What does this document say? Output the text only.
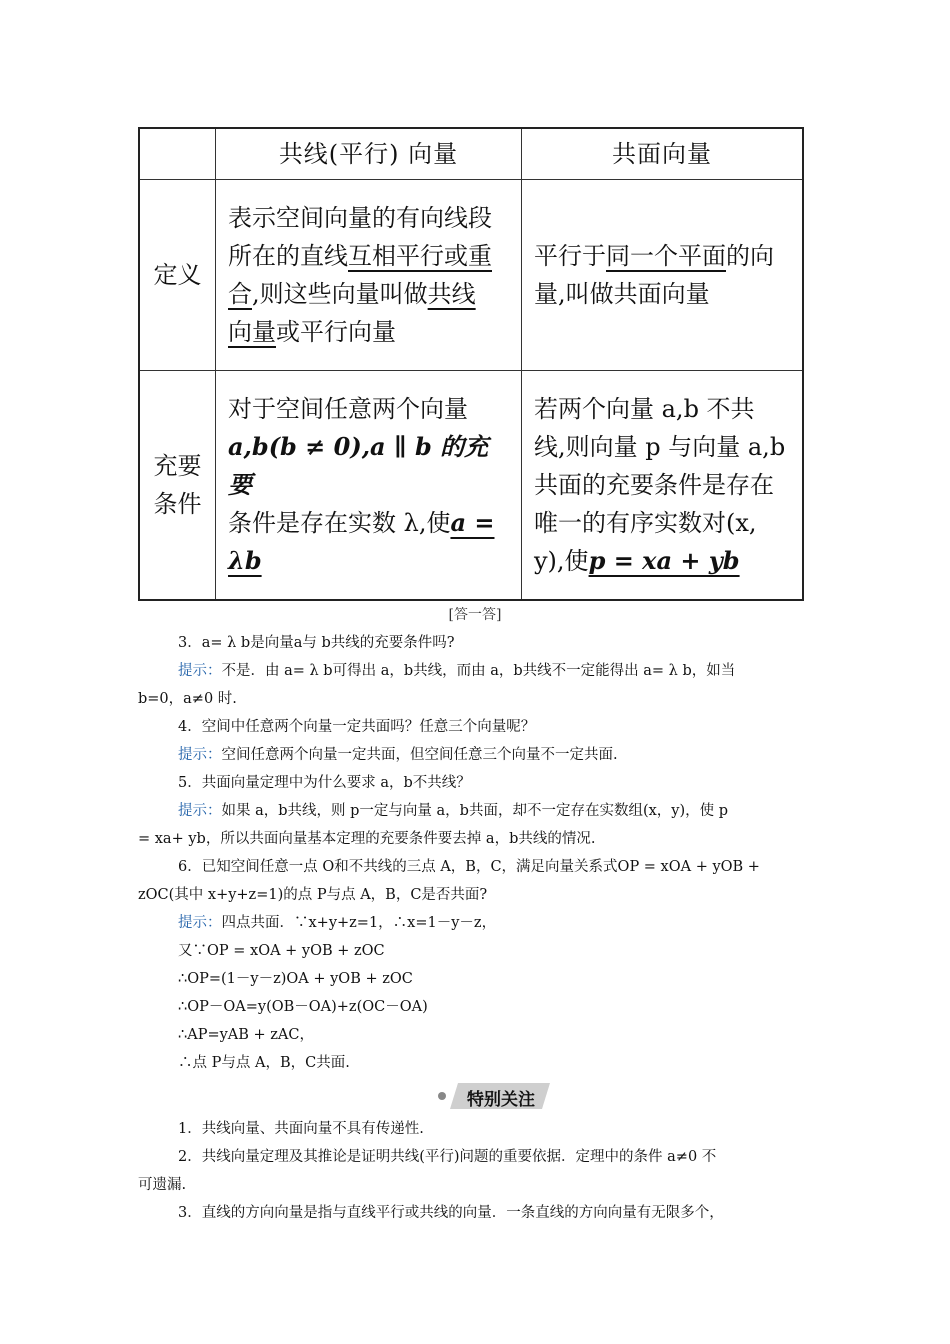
共线(平行) 向量	共面向量
定义
表示空间向量的有向线段
所在的直线互相平行或重
合,则这些向量叫做共线
向量或平行向量
平行于同一个平面的向
量,叫做共面向量
充要
条件
对于空间任意两个向量
a,b(b ≠ 0),a ∥ b 的充要
条件是存在实数 λ,使a =
λb
若两个向量 a,b 不共
线,则向量 p 与向量 a,b
共面的充要条件是存在
唯一的有序实数对(x,
y),使p = xa + yb
[答一答]
3．a= λ b是向量a与 b共线的充要条件吗?
提示：不是．由 a= λ b可得出 a，b共线，而由 a，b共线不一定能得出 a= λ b，如当
b=0，a≠0 时.
4．空间中任意两个向量一定共面吗？任意三个向量呢？
提示：空间任意两个向量一定共面，但空间任意三个向量不一定共面.
5．共面向量定理中为什么要求 a，b不共线？
提示：如果 a，b共线，则 p一定与向量 a，b共面，却不一定存在实数组(x，y)，使 p
= xa+ yb，所以共面向量基本定理的充要条件要去掉 a，b共线的情况.
6．已知空间任意一点 O和不共线的三点 A，B，C，满足向量关系式OP = xOA + yOB +
zOC(其中 x+y+z=1)的点 P与点 A，B，C是否共面?
提示：四点共面．∵x+y+z=1，∴x=1－y－z，
又∵OP = xOA + yOB + zOC
∴OP=(1－y－z)OA + yOB + zOC
∴OP－OA=y(OB－OA)+z(OC－OA)
∴AP=yAB + zAC，
∴点 P与点 A，B，C共面.
特别关注
1．共线向量、共面向量不具有传递性.
2．共线向量定理及其推论是证明共线(平行)问题的重要依据．定理中的条件 a≠0 不
可遗漏.
3．直线的方向向量是指与直线平行或共线的向量．一条直线的方向向量有无限多个，
